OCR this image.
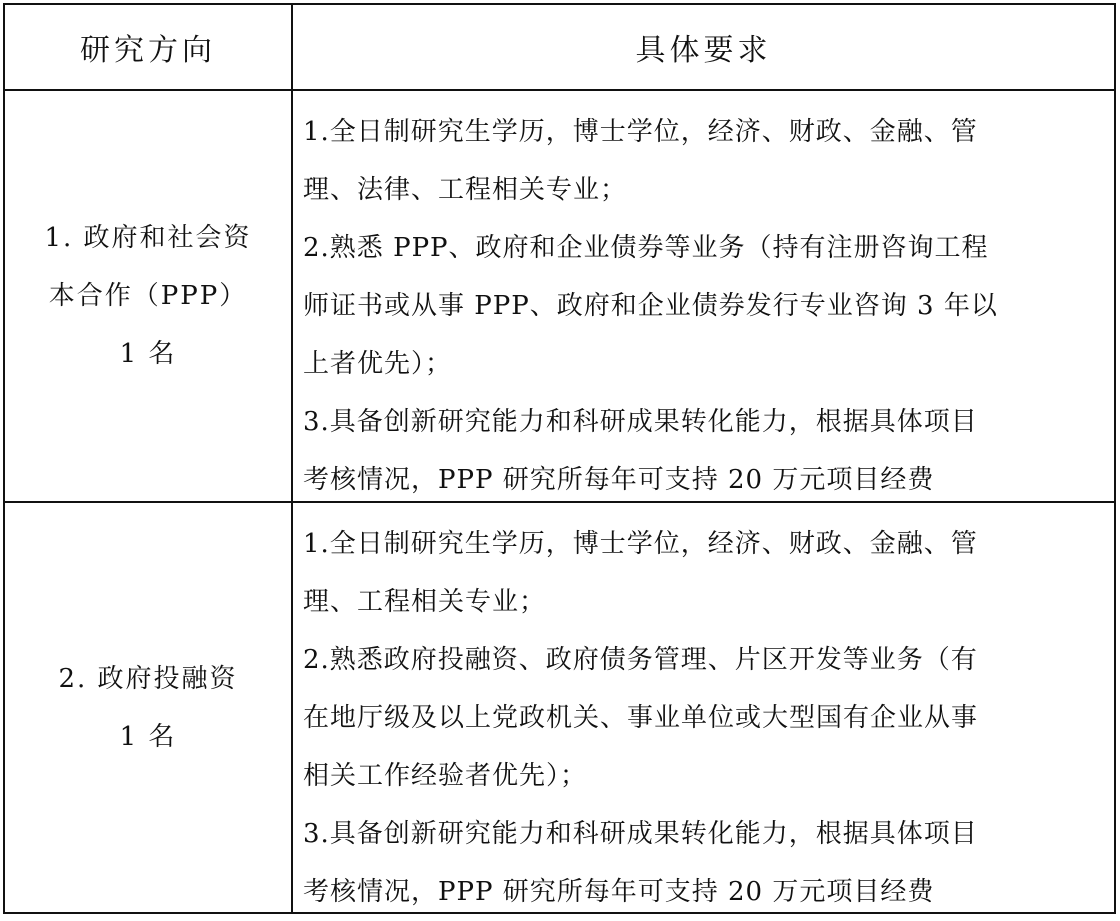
研究方向	具体要求
1. 政府和社会资
本合作（PPP）
1 名
1.全日制研究生学历，博士学位，经济、财政、金融、管
理、法律、工程相关专业；
2.熟悉 PPP、政府和企业债券等业务（持有注册咨询工程
师证书或从事 PPP、政府和企业债券发行专业咨询 3 年以
上者优先）；
3.具备创新研究能力和科研成果转化能力，根据具体项目
考核情况，PPP 研究所每年可支持 20 万元项目经费
2. 政府投融资
1 名
1.全日制研究生学历，博士学位，经济、财政、金融、管
理、工程相关专业；
2.熟悉政府投融资、政府债务管理、片区开发等业务（有
在地厅级及以上党政机关、事业单位或大型国有企业从事
相关工作经验者优先）；
3.具备创新研究能力和科研成果转化能力，根据具体项目
考核情况，PPP 研究所每年可支持 20 万元项目经费
